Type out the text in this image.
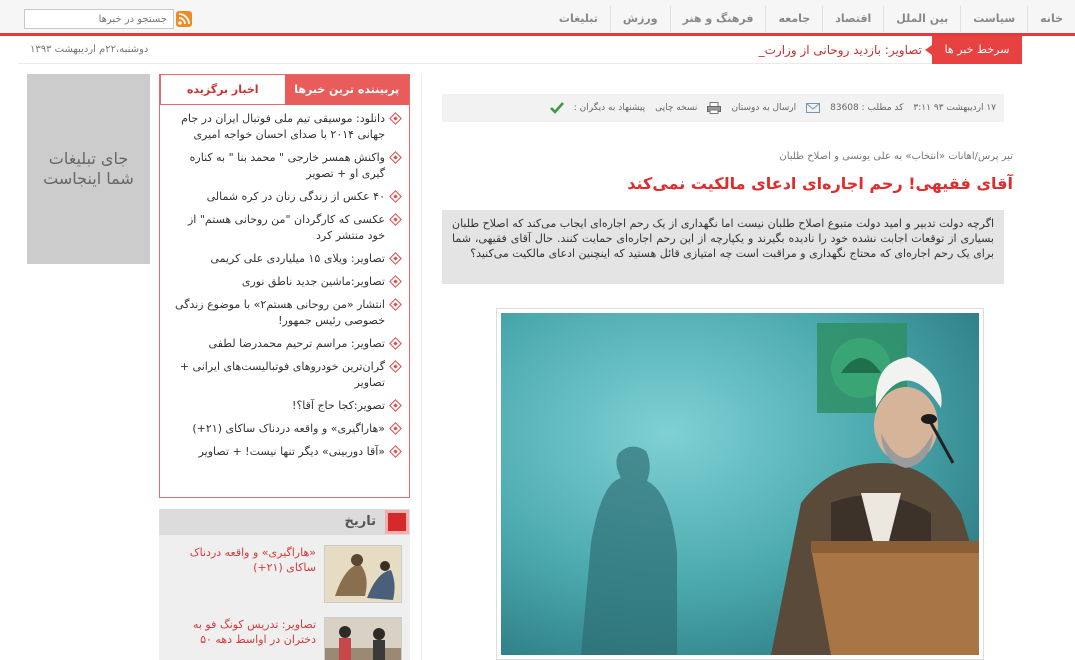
خانه
سیاست
بین الملل
اقتصاد
جامعه
فرهنگ و هنر
ورزش
تبلیغات
جستجو در خبرها
سرخط خبر ها
تصاویر: بازدید روحانی از وزارت_
دوشنبه،۲۲م اردیبهشت ۱۳۹۳
جای تبلیغات شما اینجاست
پربیننده ترین خبرها
اخبار برگزیده
دانلود: موسیقی تیم ملی فوتبال ایران در جام جهانی ۲۰۱۴ با صدای احسان خواجه امیری
واکنش همسر خارجی " محمد بنا " به کناره گیری او + تصویر
۴۰ عکس از زندگی زنان در کره شمالی
عکسی که کارگردان "من روحانی هستم" از خود منتشر کرد
تصاویر: ویلای ۱۵ میلیاردی علی کریمی
تصاویر:ماشین جدید ناطق نوری
انتشار «من روحانی هستم۲» با موضوع زندگی خصوصی رئیس جمهور!
تصاویر: مراسم ترحیم محمدرضا لطفی
گران‌ترین خودروهای فوتبالیست‌های ایرانی + تصاویر
تصویر:کجا حاج آقا؟!
«هاراگیری» و واقعه دردناک ساکای (۲۱+)
«آقا دوربینی» دیگر تنها نیست! + تصاویر
تاریخ
«هاراگیری» و واقعه دردناک ساکای (۲۱+)
تصاویر: تدریس کونگ فو به دختران در اواسط دهه ۵۰
۱۷ اردیبهشت ۹۳ ۳:۱۱
کد مطلب : 83608
ارسال به دوستان
نسخه چاپی
پیشنهاد به دیگران :
تیر پرس/اهانات «انتخاب» به علی یونسی و اصلاح طلبان
آقای فقیهی! رحم اجاره‌ای ادعای مالکیت نمی‌کند
اگرچه دولت تدبیر و امید دولت متبوع اصلاح طلبان نیست اما نگهداری از یک رحم اجاره‌ای ایجاب می‌کند که اصلاح طلبان بسیاری از توقعات اجابت نشده خود را نادیده بگیرند و یکپارچه از این رحم اجاره‌ای حمایت کنند. حال آقای فقیهی، شما برای یک رحم اجاره‌ای که محتاج نگهداری و مراقبت است چه امتیازی قائل هستید که اینچنین ادعای مالکیت می‌کنید؟
